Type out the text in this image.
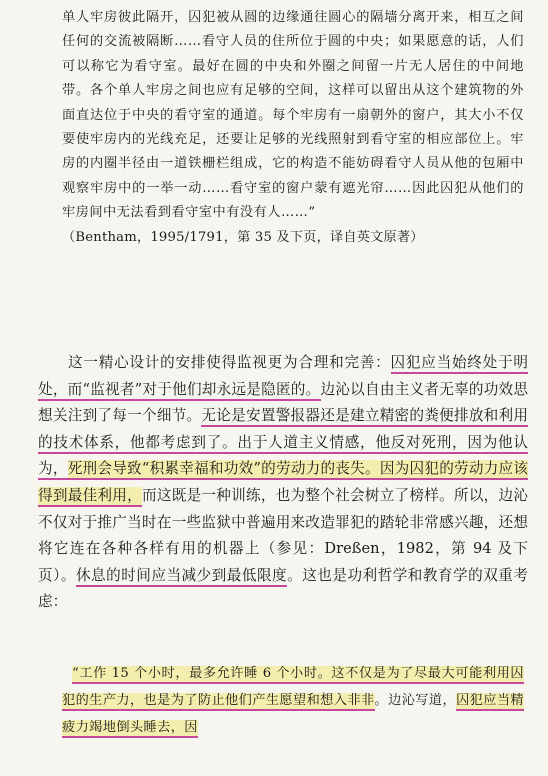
单人牢房彼此隔开，囚犯被从圆的边缘通往圆心的隔墙分离开来，相互之间任何的交流被隔断……看守人员的住所位于圆的中央；如果愿意的话，人们可以称它为看守室。最好在圆的中央和外圈之间留一片无人居住的中间地带。各个单人牢房之间也应有足够的空间，这样可以留出从这个建筑物的外面直达位于中央的看守室的通道。每个牢房有一扇朝外的窗户，其大小不仅要使牢房内的光线充足，还要让足够的光线照射到看守室的相应部位上。牢房的内圈半径由一道铁栅栏组成，它的构造不能妨碍看守人员从他的包厢中观察牢房中的一举一动……看守室的窗户蒙有遮光帘……因此囚犯从他们的牢房间中无法看到看守室中有没有人……”
（Bentham，1995/1791，第 35 及下页，译自英文原著）

这一精心设计的安排使得监视更为合理和完善：囚犯应当始终处于明处，而“监视者”对于他们却永远是隐匿的。边沁以自由主义者无辜的功效思想关注到了每一个细节。无论是安置警报器还是建立精密的粪便排放和利用的技术体系，他都考虑到了。出于人道主义情感，他反对死刑，因为他认为，死刑会导致“积累幸福和功效”的劳动力的丧失。因为囚犯的劳动力应该得到最佳利用，而这既是一种训练，也为整个社会树立了榜样。所以，边沁不仅对于推广当时在一些监狱中普遍用来改造罪犯的踏轮非常感兴趣，还想将它连在各种各样有用的机器上（参见：Dreßen，1982，第 94 及下页）。休息的时间应当减少到最低限度。这也是功利哲学和教育学的双重考虑：

“工作 15 个小时，最多允许睡 6 个小时。这不仅是为了尽最大可能利用囚犯的生产力，也是为了防止他们产生愿望和想入非非。边沁写道，囚犯应当精疲力竭地倒头睡去，因
